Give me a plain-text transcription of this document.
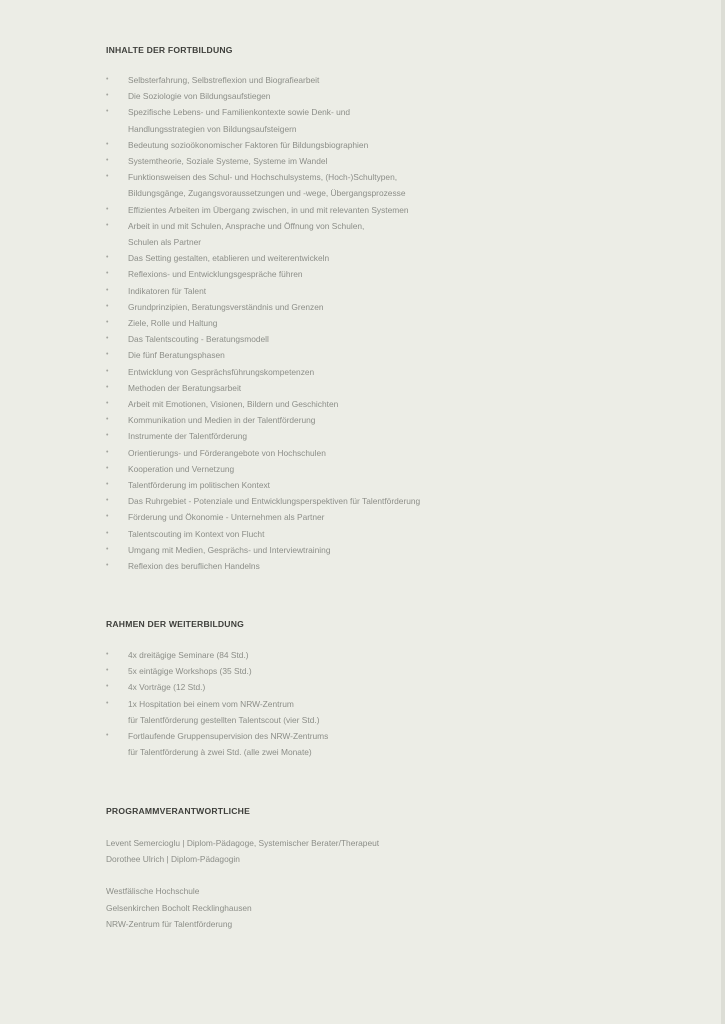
INHALTE DER FORTBILDUNG
• Selbsterfahrung, Selbstreflexion und Biografiearbeit
• Die Soziologie von Bildungsaufstiegen
• Spezifische Lebens- und Familienkontexte sowie Denk- und
Handlungsstrategien von Bildungsaufsteigern
• Bedeutung sozioökonomischer Faktoren für Bildungsbiographien
• Systemtheorie, Soziale Systeme, Systeme im Wandel
• Funktionsweisen des Schul- und Hochschulsystems, (Hoch-)Schultypen,
Bildungsgänge, Zugangsvoraussetzungen und -wege, Übergangsprozesse
• Effizientes Arbeiten im Übergang zwischen, in und mit relevanten Systemen
• Arbeit in und mit Schulen, Ansprache und Öffnung von Schulen,
Schulen als Partner
• Das Setting gestalten, etablieren und weiterentwickeln
• Reflexions- und Entwicklungsgespräche führen
• Indikatoren für Talent
• Grundprinzipien, Beratungsverständnis und Grenzen
• Ziele, Rolle und Haltung
• Das Talentscouting - Beratungsmodell
• Die fünf Beratungsphasen
• Entwicklung von Gesprächsführungskompetenzen
• Methoden der Beratungsarbeit
• Arbeit mit Emotionen, Visionen, Bildern und Geschichten
• Kommunikation und Medien in der Talentförderung
• Instrumente der Talentförderung
• Orientierungs- und Förderangebote von Hochschulen
• Kooperation und Vernetzung
• Talentförderung im politischen Kontext
• Das Ruhrgebiet - Potenziale und Entwicklungsperspektiven für Talentförderung
• Förderung und Ökonomie - Unternehmen als Partner
• Talentscouting im Kontext von Flucht
• Umgang mit Medien, Gesprächs- und Interviewtraining
• Reflexion des beruflichen Handelns
RAHMEN DER WEITERBILDUNG
• 4x dreitägige Seminare (84 Std.)
• 5x eintägige Workshops (35 Std.)
• 4x Vorträge (12 Std.)
• 1x Hospitation bei einem vom NRW-Zentrum
für Talentförderung gestellten Talentscout (vier Std.)
• Fortlaufende Gruppensupervision des NRW-Zentrums
für Talentförderung à zwei Std. (alle zwei Monate)
PROGRAMMVERANTWORTLICHE
Levent Semercioglu | Diplom-Pädagoge, Systemischer Berater/Therapeut
Dorothee Ulrich | Diplom-Pädagogin
Westfälische Hochschule
Gelsenkirchen Bocholt Recklinghausen
NRW-Zentrum für Talentförderung
